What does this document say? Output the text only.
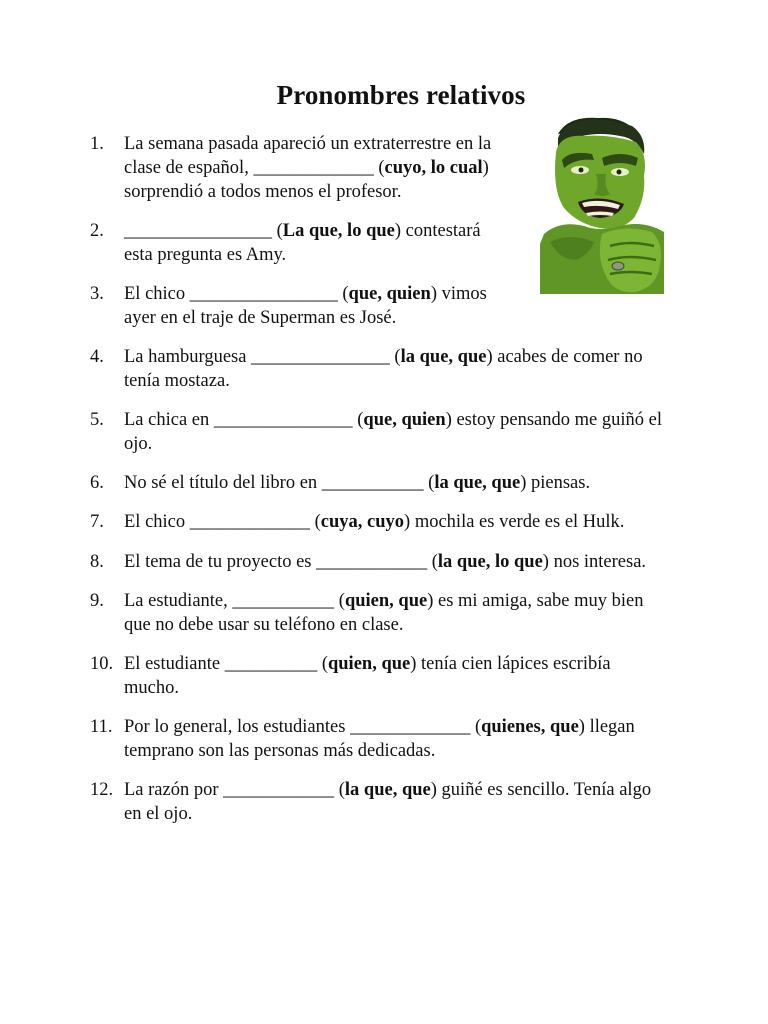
Pronombres relativos
1.	La semana pasada apareció un extraterrestre en la
clase de español, _____________ (cuyo, lo cual)
sorprendió a todos menos el profesor.
2.	________________ (La que, lo que) contestará
esta pregunta es Amy.
3.	El chico ________________ (que, quien) vimos
ayer en el traje de Superman es José.
4.	La hamburguesa _______________ (la que, que) acabes de comer no
tenía mostaza.
5.	La chica en _______________ (que, quien) estoy pensando me guiñó el
ojo.
6.	No sé el título del libro en ___________ (la que, que) piensas.
7.	El chico _____________ (cuya, cuyo) mochila es verde es el Hulk.
8.	El tema de tu proyecto es ____________ (la que, lo que) nos interesa.
9.	La estudiante, ___________ (quien, que) es mi amiga, sabe muy bien
que no debe usar su teléfono en clase.
10. El estudiante __________ (quien, que) tenía cien lápices escribía
mucho.
11. Por lo general, los estudiantes _____________ (quienes, que) llegan
temprano son las personas más dedicadas.
12. La razón por ____________ (la que, que) guiñé es sencillo. Tenía algo
en el ojo.
